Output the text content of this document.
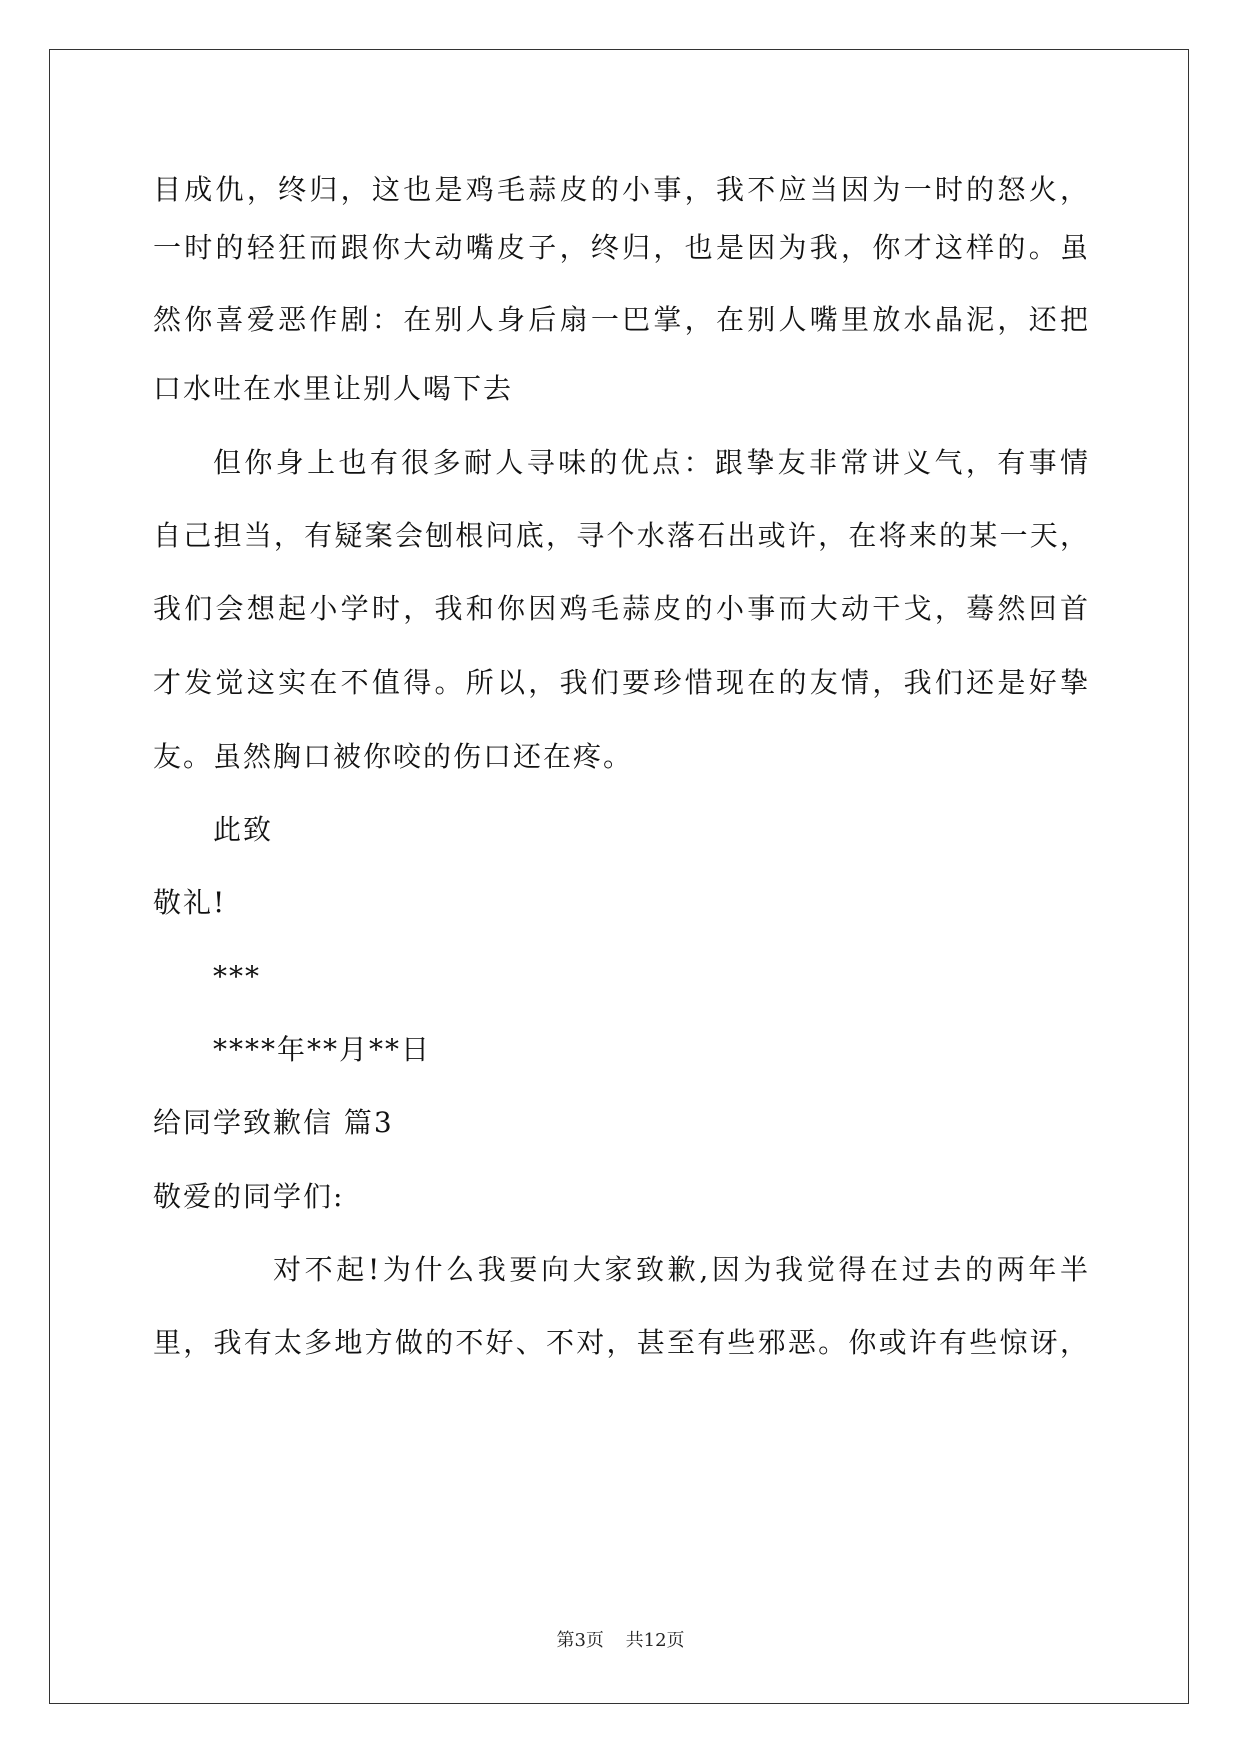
目成仇，终归，这也是鸡毛蒜皮的小事，我不应当因为一时的怒火，
一时的轻狂而跟你大动嘴皮子，终归，也是因为我，你才这样的。虽
然你喜爱恶作剧：在别人身后扇一巴掌，在别人嘴里放水晶泥，还把
口水吐在水里让别人喝下去
但你身上也有很多耐人寻味的优点：跟挚友非常讲义气，有事情
自己担当，有疑案会刨根问底，寻个水落石出或许，在将来的某一天，
我们会想起小学时，我和你因鸡毛蒜皮的小事而大动干戈，蓦然回首
才发觉这实在不值得。所以，我们要珍惜现在的友情，我们还是好挚
友。虽然胸口被你咬的伤口还在疼。
此致
敬礼!
***
****年**月**日
给同学致歉信 篇3
敬爱的同学们:
对不起!为什么我要向大家致歉,因为我觉得在过去的两年半
里，我有太多地方做的不好、不对，甚至有些邪恶。你或许有些惊讶，
第3页 共12页
